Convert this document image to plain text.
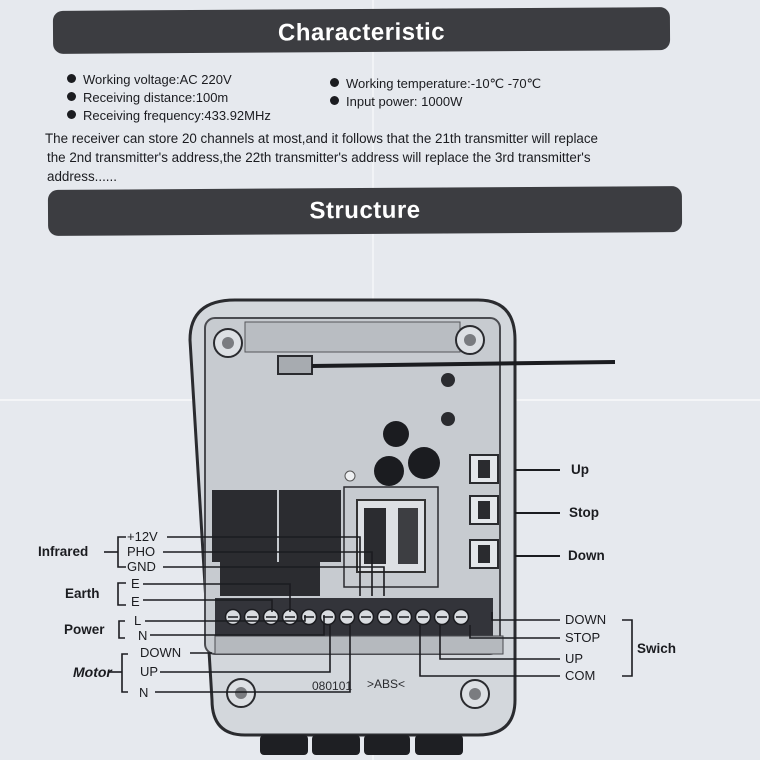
Characteristic
Working voltage:AC 220V
Receiving distance:100m
Receiving frequency:433.92MHz
Working temperature:-10℃ -70℃
Input power: 1000W
The receiver can store 20 channels at most,and it follows that the 21th transmitter will replace
the 2nd transmitter's address,the 22th transmitter's address will replace the 3rd transmitter's
address......
Structure
080101 >ABS<
Up
Stop
Down
Infrared
+12V
PHO
GND
Earth
E
E
Power
L
N
Motor
DOWN
UP
N
Swich
DOWN
STOP
UP
COM
